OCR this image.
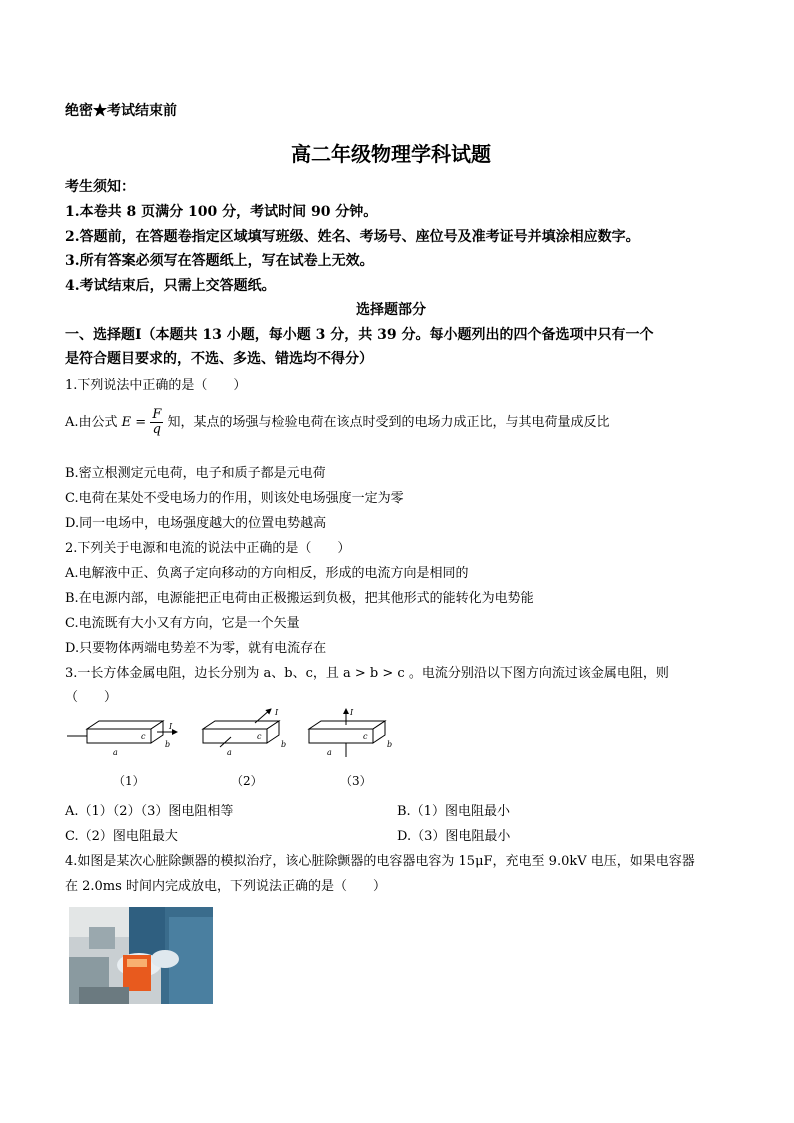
绝密★考试结束前
高二年级物理学科试题
考生须知：
1.本卷共 8 页满分 100 分，考试时间 90 分钟。
2.答题前，在答题卷指定区域填写班级、姓名、考场号、座位号及准考证号并填涂相应数字。
3.所有答案必须写在答题纸上，写在试卷上无效。
4.考试结束后，只需上交答题纸。
选择题部分
一、选择题Ⅰ（本题共 13 小题，每小题 3 分，共 39 分。每小题列出的四个备选项中只有一个
是符合题目要求的，不选、多选、错选均不得分）
1.下列说法中正确的是（　　）
A.由公式 $E = \frac{F}{q}$ 知，某点的场强与检验电荷在该点时受到的电场力成正比，与其电荷量成反比
B.密立根测定元电荷，电子和质子都是元电荷
C.电荷在某处不受电场力的作用，则该处电场强度一定为零
D.同一电场中，电场强度越大的位置电势越高
2.下列关于电源和电流的说法中正确的是（　　）
A.电解液中正、负离子定向移动的方向相反，形成的电流方向是相同的
B.在电源内部，电源能把正电荷由正极搬运到负极，把其他形式的能转化为电势能
C.电流既有大小又有方向，它是一个矢量
D.只要物体两端电势差不为零，就有电流存在
3.一长方体金属电阻，边长分别为 a、b、c，且 a > b > c 。电流分别沿以下图方向流过该金属电阻，则
（　　）
I
a
b
c
（1）
I
a
b
c
（2）
I
a
b
c
（3）
A.（1）（2）（3）图电阻相等	B.（1）图电阻最小
C.（2）图电阻最大	D.（3）图电阻最小
4.如图是某次心脏除颤器的模拟治疗，该心脏除颤器的电容器电容为 15μF，充电至 9.0kV 电压，如果电容器
在 2.0ms 时间内完成放电，下列说法正确的是（　　）
